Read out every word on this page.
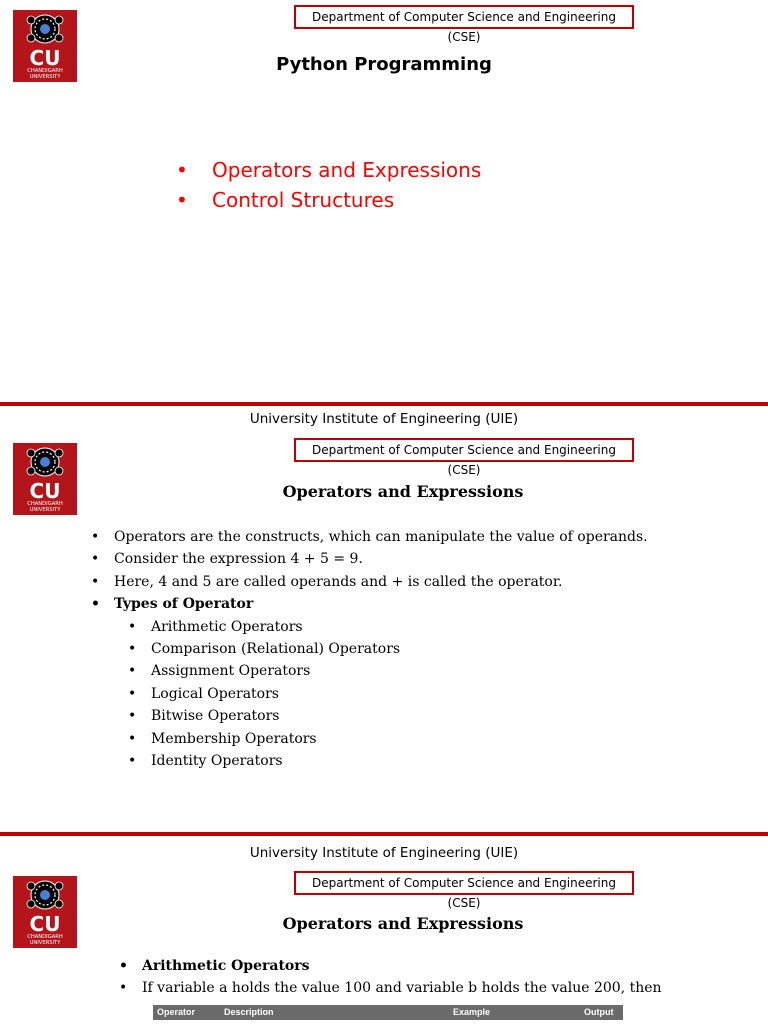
CU
CHANDIGARH UNIVERSITY
Department of Computer Science and Engineering (CSE)
Python Programming
• Operators and Expressions
• Control Structures
University Institute of Engineering (UIE)
Department of Computer Science and Engineering (CSE)
CU
CHANDIGARH UNIVERSITY
Operators and Expressions
• Operators are the constructs, which can manipulate the value of operands.
• Consider the expression 4 + 5 = 9.
• Here, 4 and 5 are called operands and + is called the operator.
• Types of Operator
• Arithmetic Operators
• Comparison (Relational) Operators
• Assignment Operators
• Logical Operators
• Bitwise Operators
• Membership Operators
• Identity Operators
University Institute of Engineering (UIE)
Department of Computer Science and Engineering (CSE)
CU
CHANDIGARH UNIVERSITY
Operators and Expressions
• Arithmetic Operators
• If variable a holds the value 100 and variable b holds the value 200, then
Operator	Description	Example	Output
